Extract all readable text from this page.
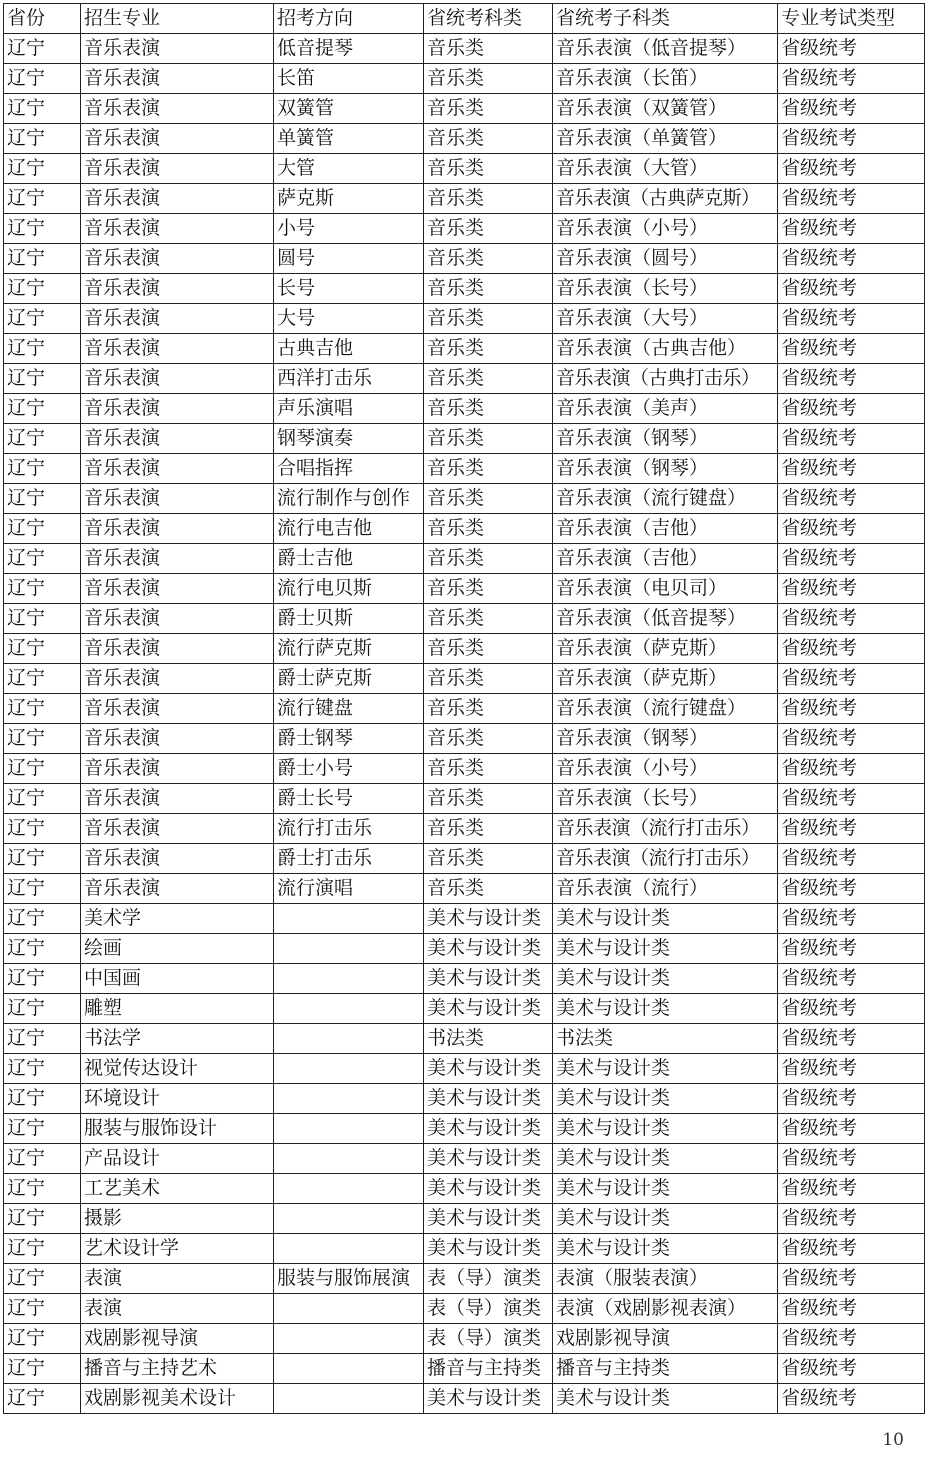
省份	招生专业	招考方向	省统考科类	省统考子科类	专业考试类型
辽宁	音乐表演	低音提琴	音乐类	音乐表演（低音提琴）	省级统考
辽宁	音乐表演	长笛	音乐类	音乐表演（长笛）	省级统考
辽宁	音乐表演	双簧管	音乐类	音乐表演（双簧管）	省级统考
辽宁	音乐表演	单簧管	音乐类	音乐表演（单簧管）	省级统考
辽宁	音乐表演	大管	音乐类	音乐表演（大管）	省级统考
辽宁	音乐表演	萨克斯	音乐类	音乐表演（古典萨克斯）	省级统考
辽宁	音乐表演	小号	音乐类	音乐表演（小号）	省级统考
辽宁	音乐表演	圆号	音乐类	音乐表演（圆号）	省级统考
辽宁	音乐表演	长号	音乐类	音乐表演（长号）	省级统考
辽宁	音乐表演	大号	音乐类	音乐表演（大号）	省级统考
辽宁	音乐表演	古典吉他	音乐类	音乐表演（古典吉他）	省级统考
辽宁	音乐表演	西洋打击乐	音乐类	音乐表演（古典打击乐）	省级统考
辽宁	音乐表演	声乐演唱	音乐类	音乐表演（美声）	省级统考
辽宁	音乐表演	钢琴演奏	音乐类	音乐表演（钢琴）	省级统考
辽宁	音乐表演	合唱指挥	音乐类	音乐表演（钢琴）	省级统考
辽宁	音乐表演	流行制作与创作	音乐类	音乐表演（流行键盘）	省级统考
辽宁	音乐表演	流行电吉他	音乐类	音乐表演（吉他）	省级统考
辽宁	音乐表演	爵士吉他	音乐类	音乐表演（吉他）	省级统考
辽宁	音乐表演	流行电贝斯	音乐类	音乐表演（电贝司）	省级统考
辽宁	音乐表演	爵士贝斯	音乐类	音乐表演（低音提琴）	省级统考
辽宁	音乐表演	流行萨克斯	音乐类	音乐表演（萨克斯）	省级统考
辽宁	音乐表演	爵士萨克斯	音乐类	音乐表演（萨克斯）	省级统考
辽宁	音乐表演	流行键盘	音乐类	音乐表演（流行键盘）	省级统考
辽宁	音乐表演	爵士钢琴	音乐类	音乐表演（钢琴）	省级统考
辽宁	音乐表演	爵士小号	音乐类	音乐表演（小号）	省级统考
辽宁	音乐表演	爵士长号	音乐类	音乐表演（长号）	省级统考
辽宁	音乐表演	流行打击乐	音乐类	音乐表演（流行打击乐）	省级统考
辽宁	音乐表演	爵士打击乐	音乐类	音乐表演（流行打击乐）	省级统考
辽宁	音乐表演	流行演唱	音乐类	音乐表演（流行）	省级统考
辽宁	美术学		美术与设计类	美术与设计类	省级统考
辽宁	绘画		美术与设计类	美术与设计类	省级统考
辽宁	中国画		美术与设计类	美术与设计类	省级统考
辽宁	雕塑		美术与设计类	美术与设计类	省级统考
辽宁	书法学		书法类	书法类	省级统考
辽宁	视觉传达设计		美术与设计类	美术与设计类	省级统考
辽宁	环境设计		美术与设计类	美术与设计类	省级统考
辽宁	服装与服饰设计		美术与设计类	美术与设计类	省级统考
辽宁	产品设计		美术与设计类	美术与设计类	省级统考
辽宁	工艺美术		美术与设计类	美术与设计类	省级统考
辽宁	摄影		美术与设计类	美术与设计类	省级统考
辽宁	艺术设计学		美术与设计类	美术与设计类	省级统考
辽宁	表演	服装与服饰展演	表（导）演类	表演（服装表演）	省级统考
辽宁	表演		表（导）演类	表演（戏剧影视表演）	省级统考
辽宁	戏剧影视导演		表（导）演类	戏剧影视导演	省级统考
辽宁	播音与主持艺术		播音与主持类	播音与主持类	省级统考
辽宁	戏剧影视美术设计		美术与设计类	美术与设计类	省级统考
10
